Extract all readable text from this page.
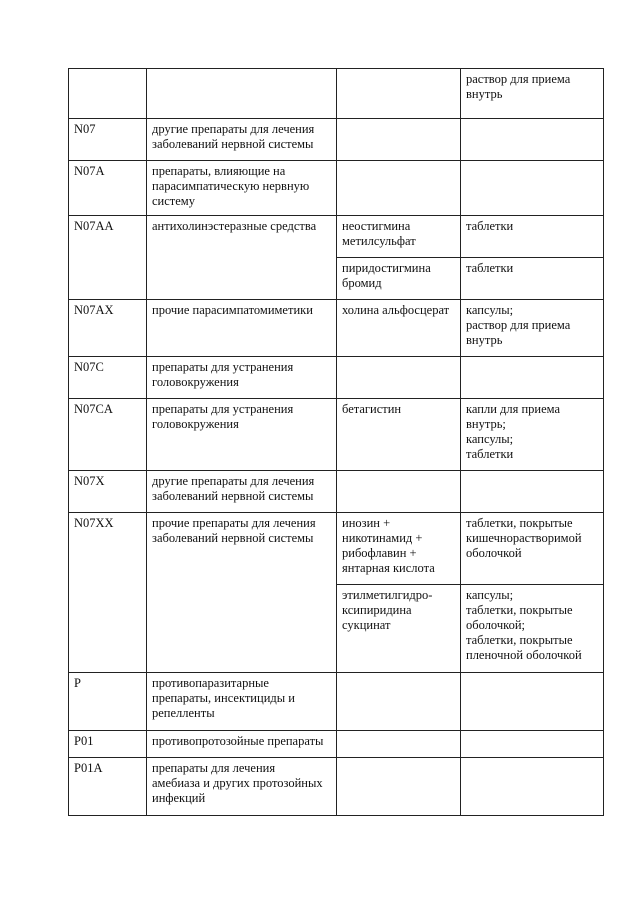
			раствор для приема
внутрь

N07	другие препараты для лечения
заболеваний нервной системы		

N07A	препараты, влияющие на
парасимпатическую нервную
систему		

N07AA	антихолинэстеразные средства	неостигмина
метилсульфат	таблетки

		пиридостигмина
бромид	таблетки

N07AX	прочие парасимпатомиметики	холина альфосцерат	капсулы;
раствор для приема
внутрь

N07C	препараты для устранения
головокружения		

N07CA	препараты для устранения
головокружения	бетагистин	капли для приема
внутрь;
капсулы;
таблетки

N07X	другие препараты для лечения
заболеваний нервной системы		

N07XX	прочие препараты для лечения
заболеваний нервной системы	инозин +
никотинамид +
рибофлавин +
янтарная кислота	таблетки, покрытые
кишечнорастворимой
оболочкой

		этилметилгидро-
ксипиридина
сукцинат	капсулы;
таблетки, покрытые
оболочкой;
таблетки, покрытые
пленочной оболочкой

P	противопаразитарные
препараты, инсектициды и
репелленты		

P01	противопротозойные препараты		

P01A	препараты для лечения
амебиаза и других протозойных
инфекций		
